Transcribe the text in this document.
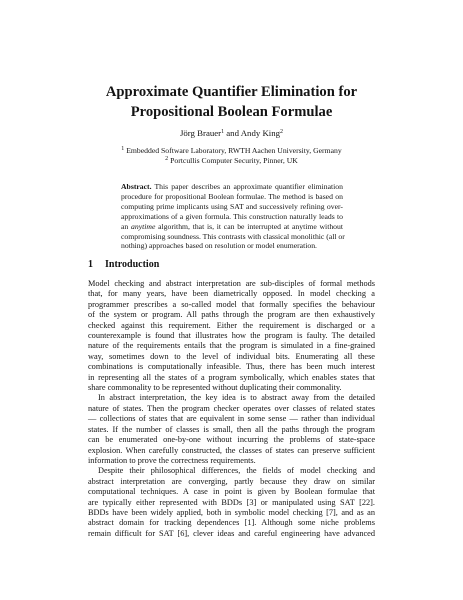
Approximate Quantifier Elimination for
Propositional Boolean Formulae
Jörg Brauer$^1$ and Andy King$^2$
$^1$ Embedded Software Laboratory, RWTH Aachen University, Germany
$^2$ Portcullis Computer Security, Pinner, UK
Abstract. This paper describes an approximate quantifier elimination
procedure for propositional Boolean formulae. The method is based on
computing prime implicants using SAT and successively refining over-
approximations of a given formula. This construction naturally leads to
an anytime algorithm, that is, it can be interrupted at anytime without
compromising soundness. This contrasts with classical monolithic (all or
nothing) approaches based on resolution or model enumeration.
1 Introduction
Model checking and abstract interpretation are sub-disciples of formal methods
that, for many years, have been diametrically opposed. In model checking a
programmer prescribes a so-called model that formally specifies the behaviour
of the system or program. All paths through the program are then exhaustively
checked against this requirement. Either the requirement is discharged or a
counterexample is found that illustrates how the program is faulty. The detailed
nature of the requirements entails that the program is simulated in a fine-grained
way, sometimes down to the level of individual bits. Enumerating all these
combinations is computationally infeasible. Thus, there has been much interest
in representing all the states of a program symbolically, which enables states that
share commonality to be represented without duplicating their commonality.
In abstract interpretation, the key idea is to abstract away from the detailed
nature of states. Then the program checker operates over classes of related states
— collections of states that are equivalent in some sense — rather than individual
states. If the number of classes is small, then all the paths through the program
can be enumerated one-by-one without incurring the problems of state-space
explosion. When carefully constructed, the classes of states can preserve sufficient
information to prove the correctness requirements.
Despite their philosophical differences, the fields of model checking and
abstract interpretation are converging, partly because they draw on similar
computational techniques. A case in point is given by Boolean formulae that
are typically either represented with BDDs [3] or manipulated using SAT [22].
BDDs have been widely applied, both in symbolic model checking [7], and as an
abstract domain for tracking dependences [1]. Although some niche problems
remain difficult for SAT [6], clever ideas and careful engineering have advanced
